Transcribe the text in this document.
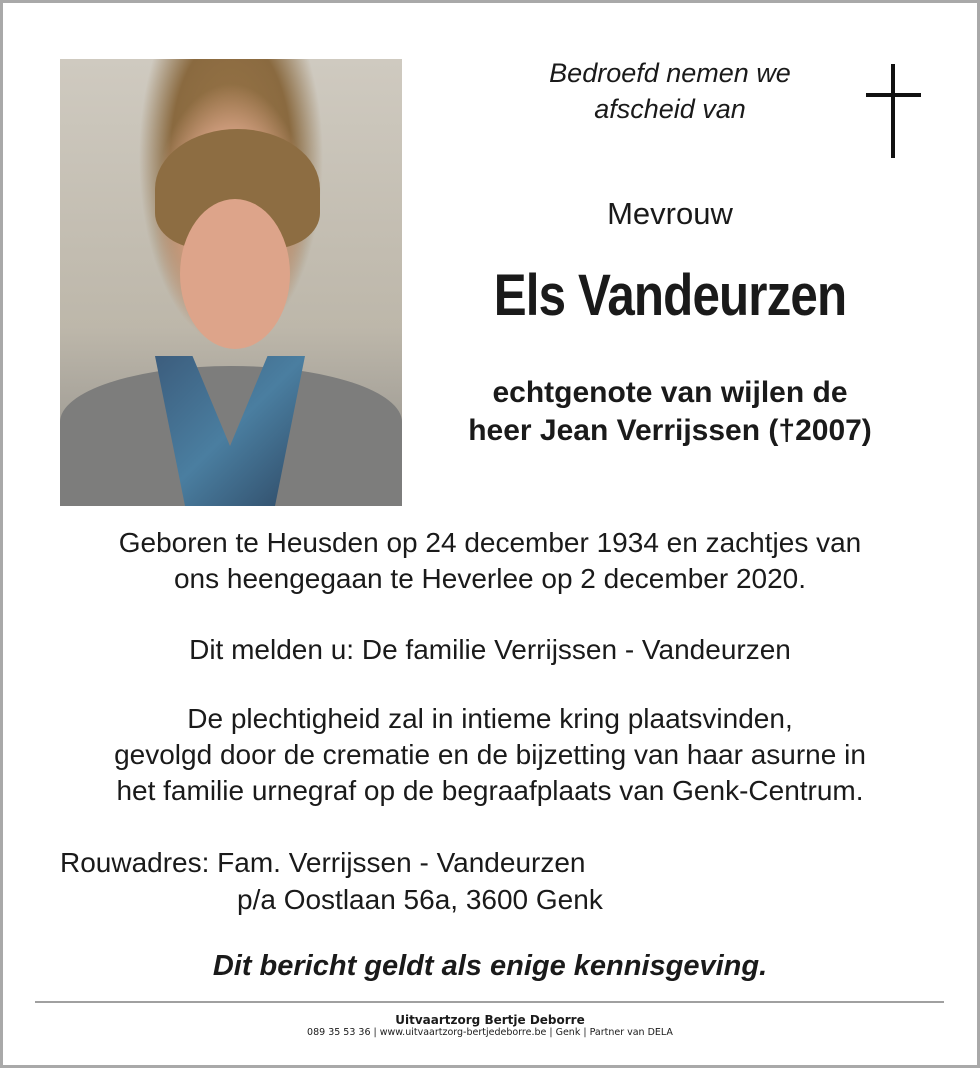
Bedroefd nemen we
afscheid van
Mevrouw
Els Vandeurzen
echtgenote van wijlen de
heer Jean Verrijssen (†2007)
Geboren te Heusden op 24 december 1934 en zachtjes van
ons heengegaan te Heverlee op 2 december 2020.
Dit melden u: De familie Verrijssen - Vandeurzen
De plechtigheid zal in intieme kring plaatsvinden,
gevolgd door de crematie en de bijzetting van haar asurne in
het familie urnegraf op de begraafplaats van Genk-Centrum.
Rouwadres: Fam. Verrijssen - Vandeurzen
p/a Oostlaan 56a, 3600 Genk
Dit bericht geldt als enige kennisgeving.
Uitvaartzorg Bertje Deborre
089 35 53 36 | www.uitvaartzorg-bertjedeborre.be | Genk | Partner van DELA
